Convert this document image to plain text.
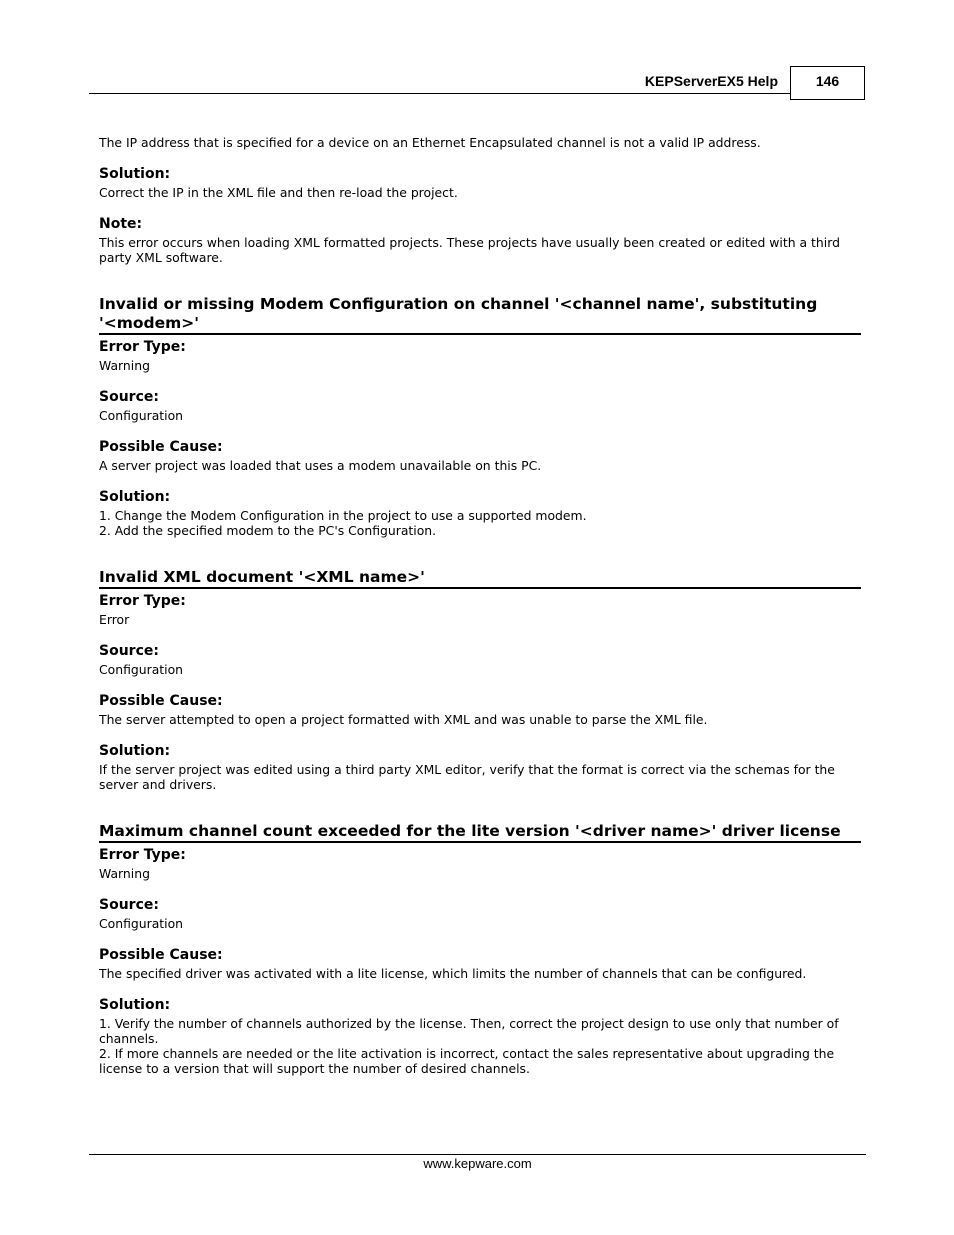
KEPServerEX5 Help	146

The IP address that is specified for a device on an Ethernet Encapsulated channel is not a valid IP address.

Solution:

Correct the IP in the XML file and then re-load the project.

Note:

This error occurs when loading XML formatted projects. These projects have usually been created or edited with a third party XML software.

Invalid or missing Modem Configuration on channel '<channel name', substituting '<modem>'

Error Type:

Warning

Source:

Configuration

Possible Cause:

A server project was loaded that uses a modem unavailable on this PC.

Solution:

1. Change the Modem Configuration in the project to use a supported modem.

2. Add the specified modem to the PC's Configuration.

Invalid XML document '<XML name>'

Error Type:

Error

Source:

Configuration

Possible Cause:

The server attempted to open a project formatted with XML and was unable to parse the XML file.

Solution:

If the server project was edited using a third party XML editor, verify that the format is correct via the schemas for the server and drivers.

Maximum channel count exceeded for the lite version '<driver name>' driver license

Error Type:

Warning

Source:

Configuration

Possible Cause:

The specified driver was activated with a lite license, which limits the number of channels that can be configured.

Solution:

1. Verify the number of channels authorized by the license. Then, correct the project design to use only that number of channels.

2. If more channels are needed or the lite activation is incorrect, contact the sales representative about upgrading the license to a version that will support the number of desired channels.

www.kepware.com
